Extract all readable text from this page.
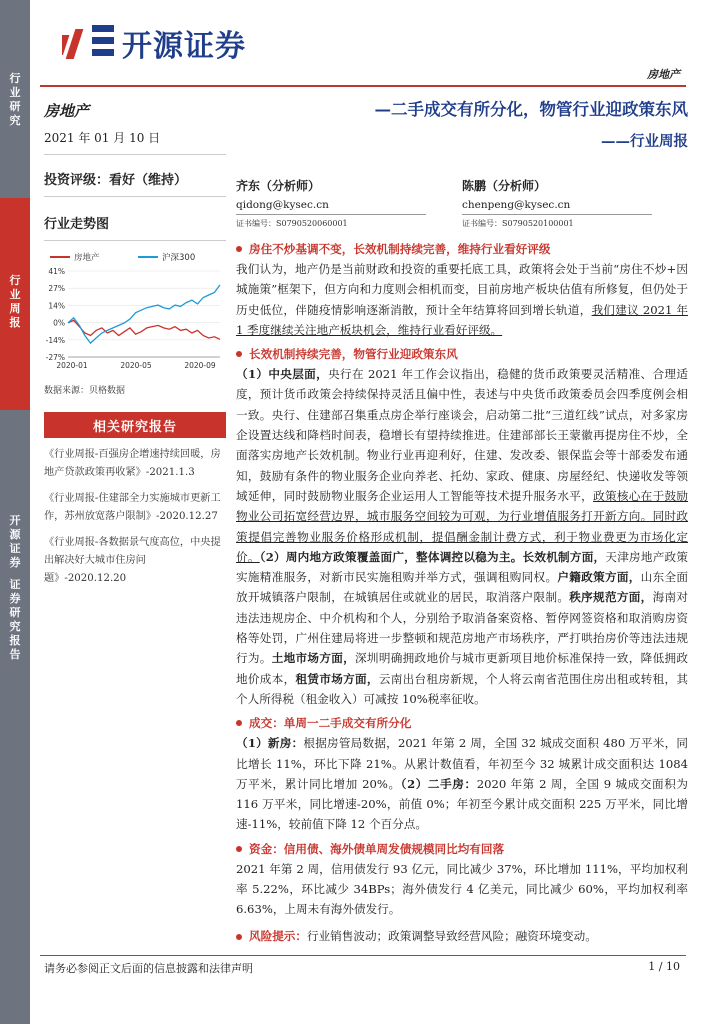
行业研究
行业周报
开源证券
证券研究报告
开源证券
房地产
房地产
2021 年 01 月 10 日
投资评级：看好（维持）
行业走势图
房地产	沪深300
41%
27%
14%
0%
-14%
-27%
2020-01	2020-05	2020-09
数据来源：贝格数据
相关研究报告
《行业周报-百强房企增速持续回暖，房地产贷款政策再收紧》-2021.1.3
《行业周报-住建部全力实施城市更新工作，苏州放宽落户限制》-2020.12.27
《行业周报-各数据景气度高位，中央提出解决好大城市住房问题》-2020.12.20
—二手成交有所分化，物管行业迎政策东风
——行业周报
齐东（分析师）
qidong@kysec.cn
证书编号：S0790520060001
陈鹏（分析师）
chenpeng@kysec.cn
证书编号：S0790520100001
房住不炒基调不变，长效机制持续完善，维持行业看好评级
我们认为，地产仍是当前财政和投资的重要托底工具，政策将会处于当前“房住不炒+因城施策”框架下，但方向和力度则会相机而变，目前房地产板块估值有所修复，但仍处于历史低位，伴随疫情影响逐渐消散，预计全年结算将回到增长轨道，我们建议 2021 年 1 季度继续关注地产板块机会，维持行业看好评级。
长效机制持续完善，物管行业迎政策东风
（1）中央层面，央行在 2021 年工作会议指出，稳健的货币政策要灵活精准、合理适度，预计货币政策会持续保持灵活且偏中性，表述与中央货币政策委员会四季度例会相一致。央行、住建部召集重点房企举行座谈会，启动第二批“三道红线”试点，对多家房企设置达线和降档时间表，稳增长有望持续推进。住建部部长王蒙徽再提房住不炒，全面落实房地产长效机制。物业行业再迎利好，住建、发改委、银保监会等十部委发布通知，鼓励有条件的物业服务企业向养老、托幼、家政、健康、房屋经纪、快递收发等领域延伸，同时鼓励物业服务企业运用人工智能等技术提升服务水平，政策核心在于鼓励物业公司拓宽经营边界，城市服务空间较为可观，为行业增值服务打开新方向。同时政策提倡完善物业服务价格形成机制，提倡酬金制计费方式，利于物业费更为市场化定价。（2）周内地方政策覆盖面广，整体调控以稳为主。长效机制方面，天津房地产政策实施精准服务，对新市民实施租购并举方式，强调租购同权。户籍政策方面，山东全面放开城镇落户限制，在城镇居住或就业的居民，取消落户限制。秩序规范方面，海南对违法违规房企、中介机构和个人，分别给予取消备案资格、暂停网签资格和取消购房资格等处罚，广州住建局将进一步整顿和规范房地产市场秩序，严打哄抬房价等违法违规行为。土地市场方面，深圳明确拥政地价与城市更新项目地价标准保持一致，降低拥政地价成本，租赁市场方面，云南出台租房新规，个人将云南省范围住房出租或转租，其个人所得税（租金收入）可减按 10%税率征收。
成交：单周一二手成交有所分化
（1）新房：根据房管局数据，2021 年第 2 周，全国 32 城成交面积 480 万平米，同比增长 11%，环比下降 21%。从累计数值看，年初至今 32 城累计成交面积达 1084 万平米，累计同比增加 20%。（2）二手房：2020 年第 2 周，全国 9 城成交面积为 116 万平米，同比增速-20%，前值 0%；年初至今累计成交面积 225 万平米，同比增速-11%，较前值下降 12 个百分点。
资金：信用债、海外债单周发债规模同比均有回落
2021 年第 2 周，信用债发行 93 亿元，同比减少 37%，环比增加 111%，平均加权利率 5.22%，环比减少 34BPs；海外债发行 4 亿美元，同比减少 60%，平均加权利率 6.63%，上周未有海外债发行。
风险提示：行业销售波动；政策调整导致经营风险；融资环境变动。
请务必参阅正文后面的信息披露和法律声明	1 / 10
